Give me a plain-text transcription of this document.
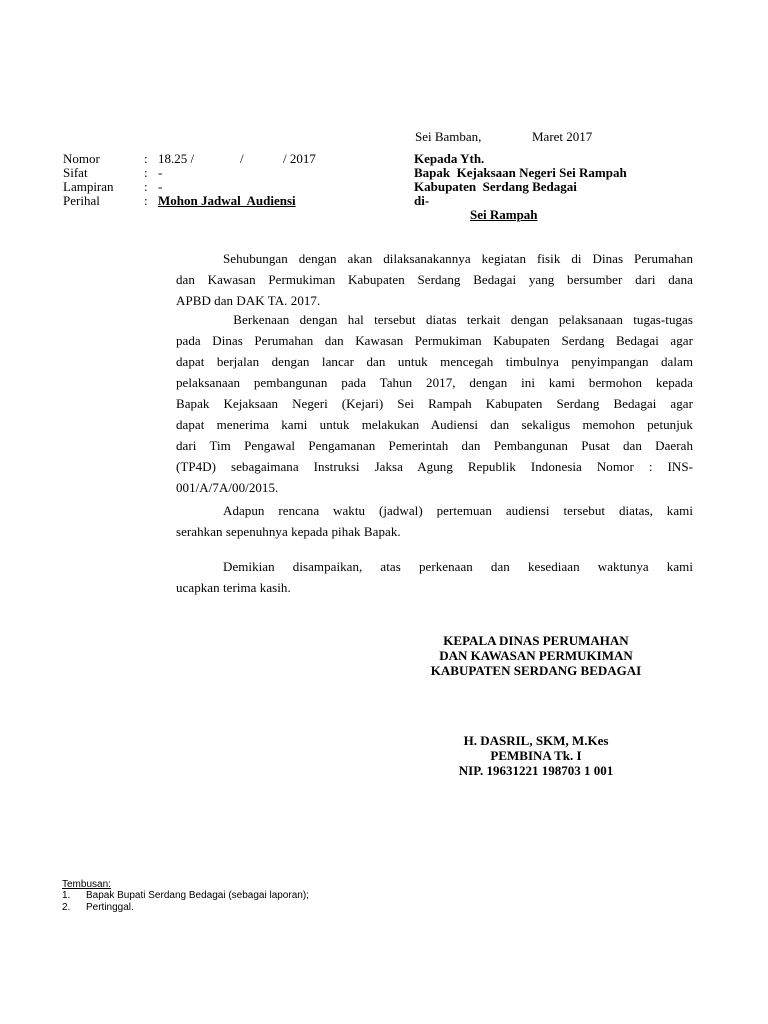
Sei Bamban,	Maret 2017
Nomor	: 18.25 /	/	/ 2017
Sifat	: -
Lampiran : -
Perihal	: Mohon Jadwal  Audiensi
Kepada Yth.
Bapak  Kejaksaan Negeri Sei Rampah
Kabupaten  Serdang Bedagai
di-
Sei Rampah
Sehubungan dengan akan dilaksanakannya kegiatan fisik di Dinas Perumahan
dan Kawasan Permukiman Kabupaten Serdang Bedagai yang bersumber dari dana
APBD dan DAK TA. 2017.
Berkenaan dengan hal tersebut diatas terkait dengan pelaksanaan tugas-tugas
pada Dinas Perumahan dan Kawasan Permukiman Kabupaten Serdang Bedagai agar
dapat berjalan dengan lancar dan untuk mencegah timbulnya penyimpangan dalam
pelaksanaan pembangunan pada Tahun 2017, dengan ini kami bermohon kepada
Bapak Kejaksaan Negeri (Kejari) Sei Rampah Kabupaten Serdang Bedagai agar
dapat menerima kami untuk melakukan Audiensi dan sekaligus memohon petunjuk
dari Tim Pengawal Pengamanan Pemerintah dan Pembangunan Pusat dan Daerah
(TP4D) sebagaimana Instruksi Jaksa Agung Republik Indonesia Nomor : INS-
001/A/7A/00/2015.
Adapun rencana waktu (jadwal) pertemuan audiensi tersebut diatas, kami
serahkan sepenuhnya kepada pihak Bapak.
Demikian disampaikan, atas perkenaan dan kesediaan waktunya kami
ucapkan terima kasih.
KEPALA DINAS PERUMAHAN
DAN KAWASAN PERMUKIMAN
KABUPATEN SERDANG BEDAGAI
H. DASRIL, SKM, M.Kes
PEMBINA Tk. I
NIP. 19631221 198703 1 001
Tembusan:
1. Bapak Bupati Serdang Bedagai (sebagai laporan);
2. Pertinggal.
